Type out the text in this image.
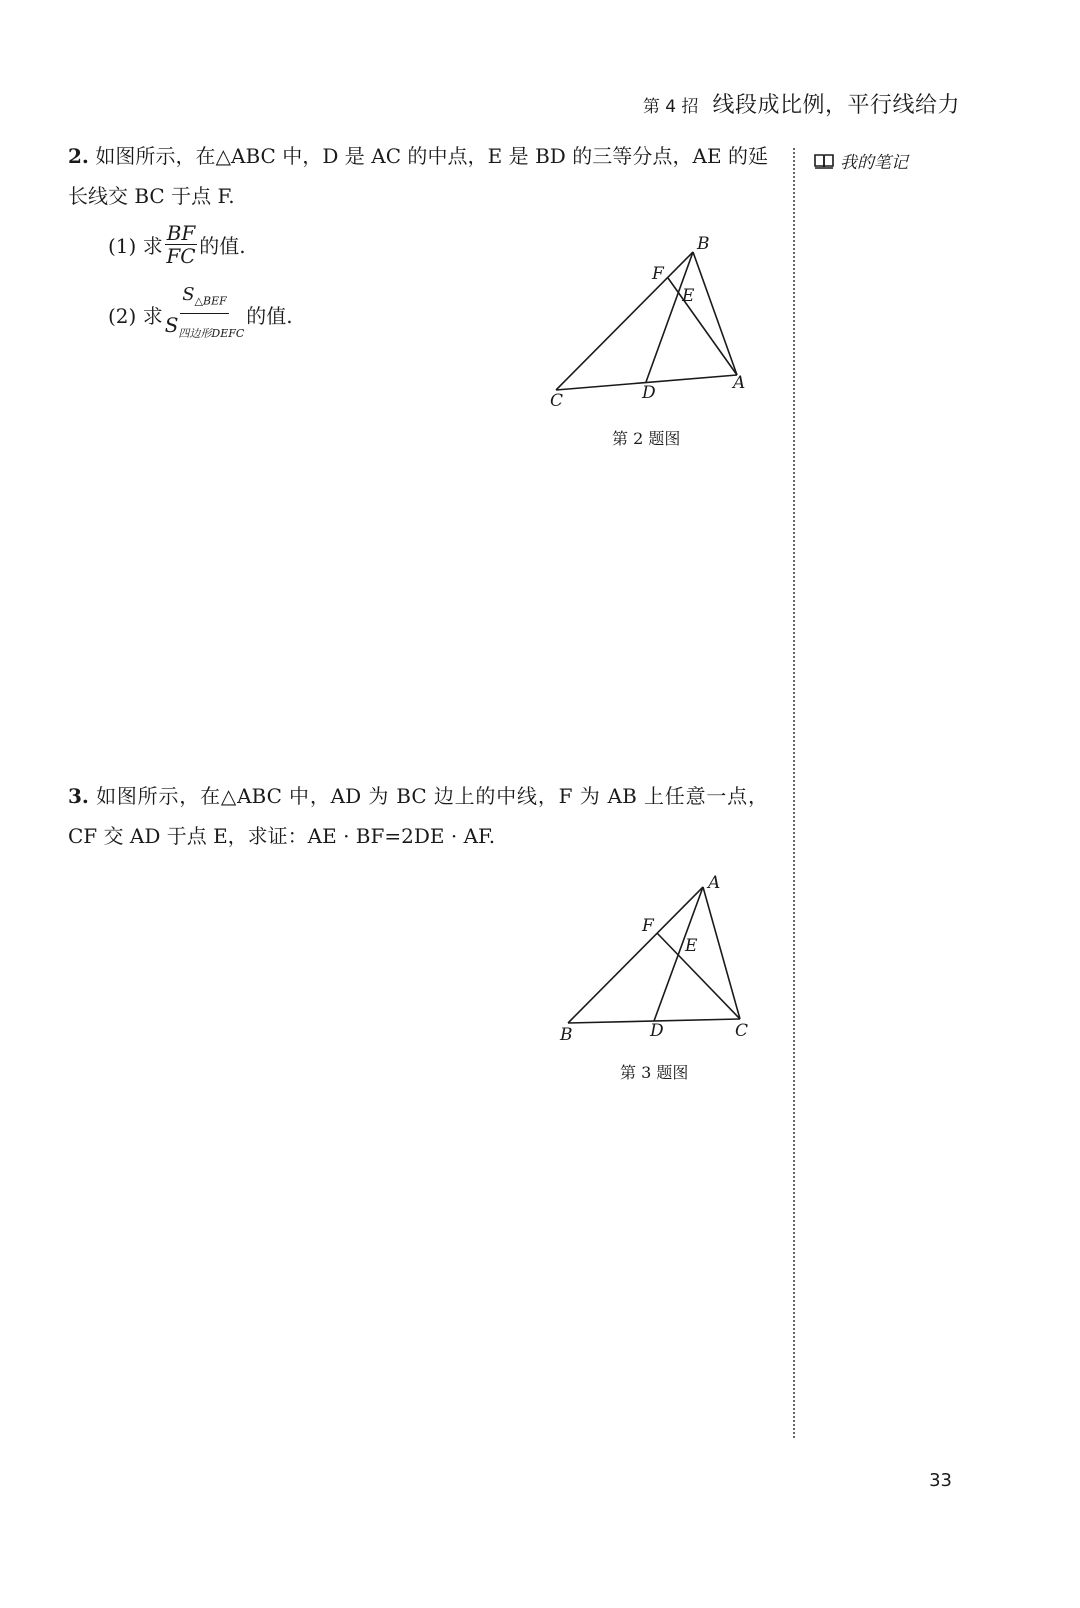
第 4 招 线段成比例，平行线给力
我的笔记
2. 如图所示，在△ABC 中，D 是 AC 的中点，E 是 BD 的三等分点，AE 的延长线交 BC 于点 F.
(1) 求 $\frac{BF}{FC}$ 的值.
(2) 求 $\frac{S_{\triangle BEF}}{S_{四边形DEFC}}$ 的值.
B
F
E
A
D
C
第 2 题图
3. 如图所示，在△ABC 中，AD 为 BC 边上的中线，F 为 AB 上任意一点，CF 交 AD 于点 E，求证：AE · BF=2DE · AF.
A
F
E
B	D	C
第 3 题图
33
